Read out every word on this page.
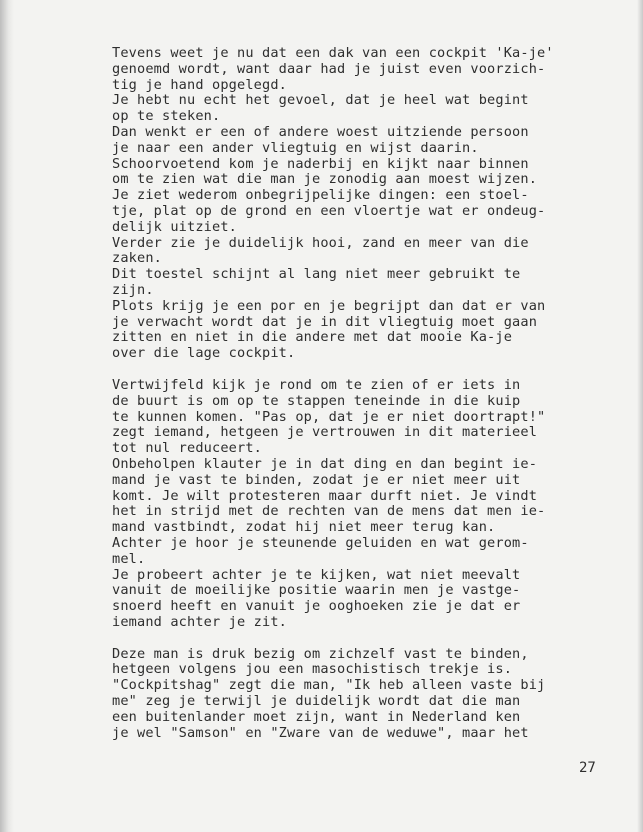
Tevens weet je nu dat een dak van een cockpit 'Ka-je'
genoemd wordt, want daar had je juist even voorzich-
tig je hand opgelegd.
Je hebt nu echt het gevoel, dat je heel wat begint
op te steken.
Dan wenkt er een of andere woest uitziende persoon
je naar een ander vliegtuig en wijst daarin.
Schoorvoetend kom je naderbij en kijkt naar binnen
om te zien wat die man je zonodig aan moest wijzen.
Je ziet wederom onbegrijpelijke dingen: een stoel-
tje, plat op de grond en een vloertje wat er ondeug-
delijk uitziet.
Verder zie je duidelijk hooi, zand en meer van die
zaken.
Dit toestel schijnt al lang niet meer gebruikt te
zijn.
Plots krijg je een por en je begrijpt dan dat er van
je verwacht wordt dat je in dit vliegtuig moet gaan
zitten en niet in die andere met dat mooie Ka-je
over die lage cockpit.
Vertwijfeld kijk je rond om te zien of er iets in
de buurt is om op te stappen teneinde in die kuip
te kunnen komen. "Pas op, dat je er niet doortrapt!"
zegt iemand, hetgeen je vertrouwen in dit materieel
tot nul reduceert.
Onbeholpen klauter je in dat ding en dan begint ie-
mand je vast te binden, zodat je er niet meer uit
komt. Je wilt protesteren maar durft niet. Je vindt
het in strijd met de rechten van de mens dat men ie-
mand vastbindt, zodat hij niet meer terug kan.
Achter je hoor je steunende geluiden en wat gerom-
mel.
Je probeert achter je te kijken, wat niet meevalt
vanuit de moeilijke positie waarin men je vastge-
snoerd heeft en vanuit je ooghoeken zie je dat er
iemand achter je zit.
Deze man is druk bezig om zichzelf vast te binden,
hetgeen volgens jou een masochistisch trekje is.
"Cockpitshag" zegt die man, "Ik heb alleen vaste bij
me" zeg je terwijl je duidelijk wordt dat die man
een buitenlander moet zijn, want in Nederland ken
je wel "Samson" en "Zware van de weduwe", maar het
27
